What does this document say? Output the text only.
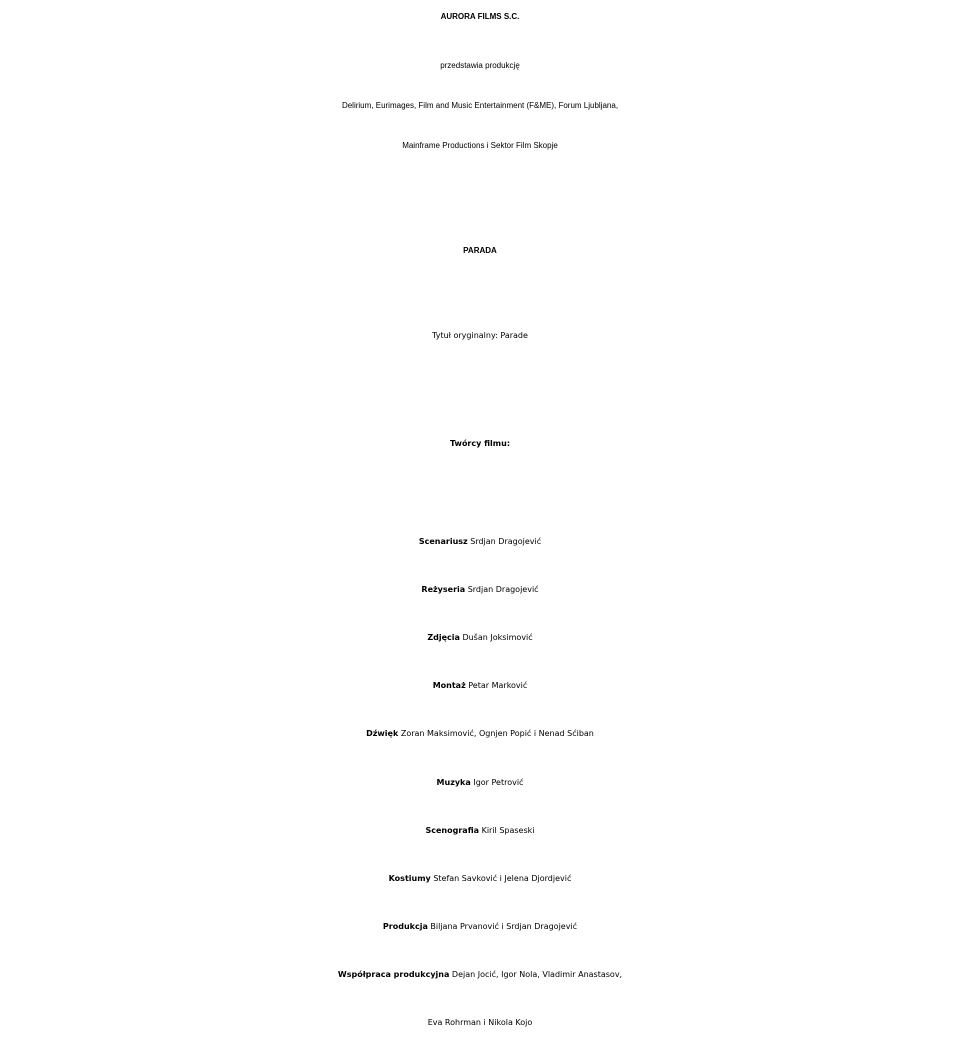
AURORA FILMS S.C.
przedstawia produkcję
Delirium, Eurimages, Film and Music Entertainment (F&ME), Forum Ljubljana,
Mainframe Productions i Sektor Film Skopje
PARADA
Tytuł oryginalny: Parade
Twórcy filmu:
Scenariusz Srdjan Dragojević
Reżyseria Srdjan Dragojević
Zdjęcia Dušan Joksimović
Montaż Petar Marković
Dźwięk Zoran Maksimović, Ognjen Popić i Nenad Sćiban
Muzyka Igor Petrović
Scenografia Kiril Spaseski
Kostiumy Stefan Savković i Jelena Djordjević
Produkcja Biljana Prvanović i Srdjan Dragojević
Współpraca produkcyjna Dejan Jocić, Igor Nola, Vladimir Anastasov,
Eva Rohrman i Nikola Kojo
